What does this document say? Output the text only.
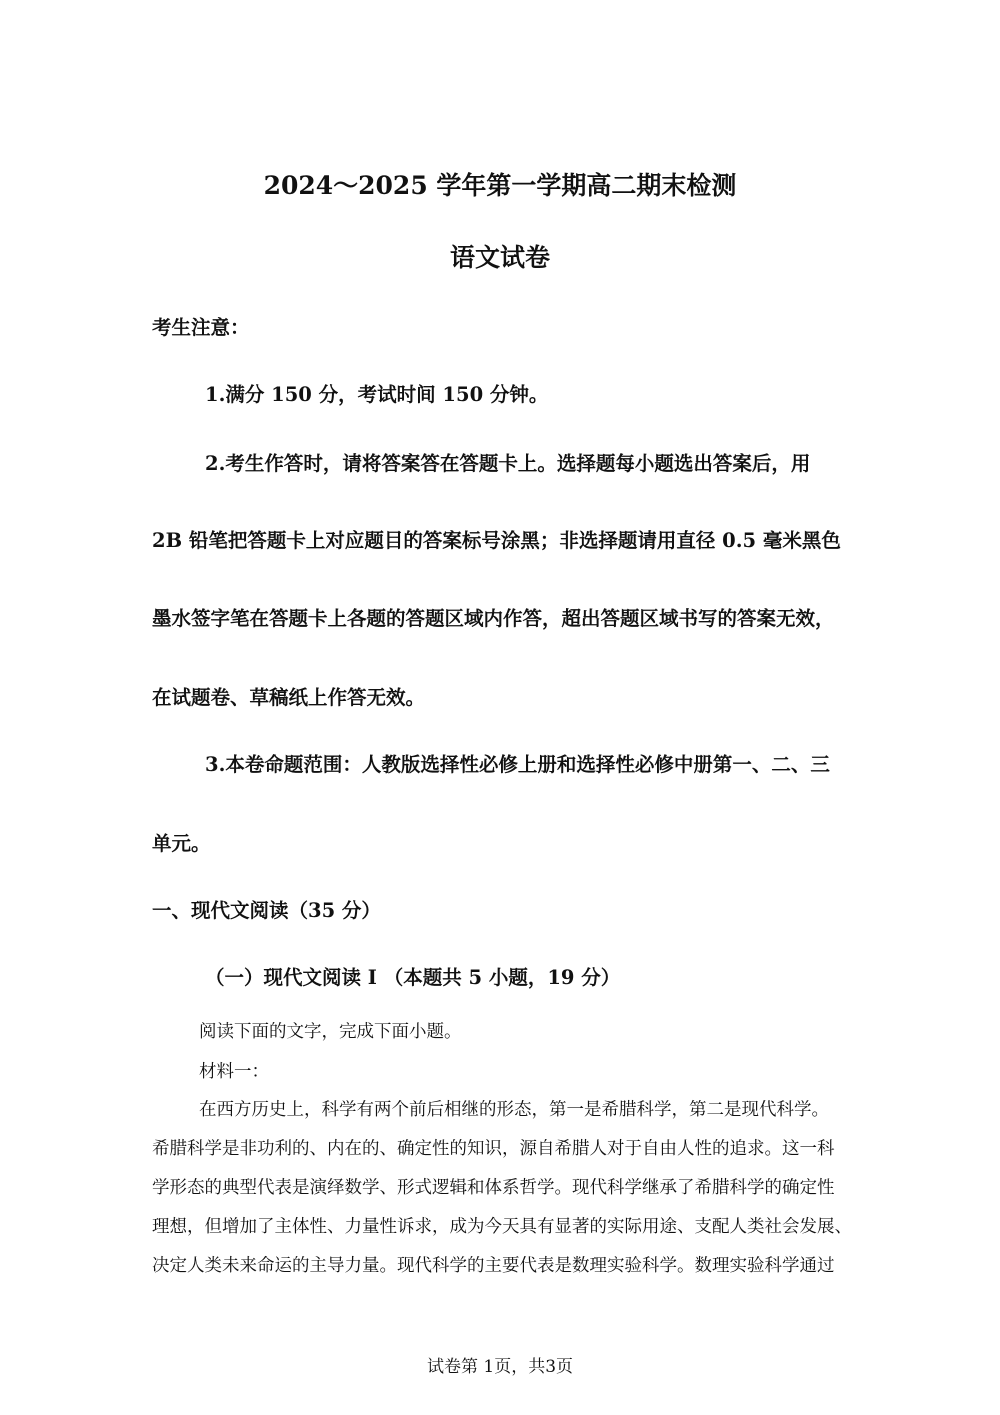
2024～2025 学年第一学期高二期末检测
语文试卷
考生注意：
1.满分 150 分，考试时间 150 分钟。
2.考生作答时，请将答案答在答题卡上。选择题每小题选出答案后，用
2B 铅笔把答题卡上对应题目的答案标号涂黑；非选择题请用直径 0.5 毫米黑色
墨水签字笔在答题卡上各题的答题区域内作答，超出答题区域书写的答案无效，
在试题卷、草稿纸上作答无效。
3.本卷命题范围：人教版选择性必修上册和选择性必修中册第一、二、三
单元。
一、现代文阅读（35 分）
（一）现代文阅读 I （本题共 5 小题，19 分）
阅读下面的文字，完成下面小题。
材料一：
在西方历史上，科学有两个前后相继的形态，第一是希腊科学，第二是现代科学。
希腊科学是非功利的、内在的、确定性的知识，源自希腊人对于自由人性的追求。这一科
学形态的典型代表是演绎数学、形式逻辑和体系哲学。现代科学继承了希腊科学的确定性
理想，但增加了主体性、力量性诉求，成为今天具有显著的实际用途、支配人类社会发展、
决定人类未来命运的主导力量。现代科学的主要代表是数理实验科学。数理实验科学通过
试卷第 1页，共3页
